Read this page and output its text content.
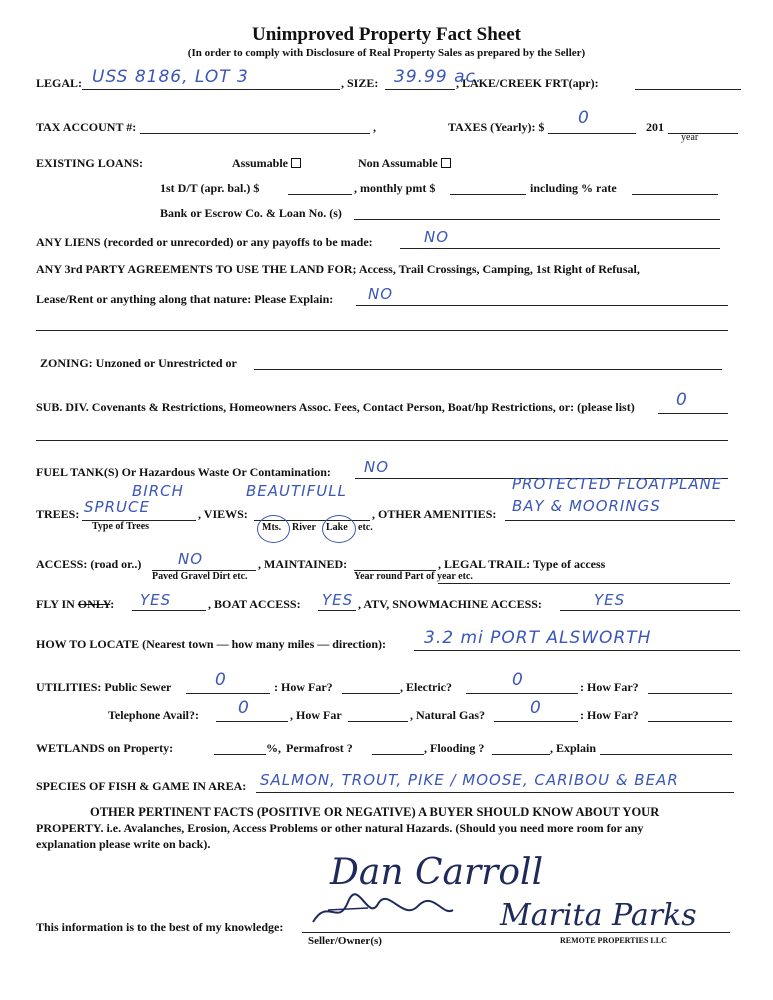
Unimproved Property Fact Sheet
(In order to comply with Disclosure of Real Property Sales as prepared by the Seller)
LEGAL: USS 8186, LOT 3	, SIZE: 39.99 ac.
, LAKE/CREEK FRT(apr):
TAX ACCOUNT #:	,	TAXES (Yearly): $ 0	201
year
EXISTING LOANS:	Assumable	Non Assumable
1st D/T (apr. bal.) $	, monthly pmt $	including % rate
Bank or Escrow Co. & Loan No. (s)
ANY LIENS (recorded or unrecorded) or any payoffs to be made:	NO
ANY 3rd PARTY AGREEMENTS TO USE THE LAND FOR; Access, Trail Crossings, Camping, 1st Right of Refusal,
Lease/Rent or anything along that nature: Please Explain: NO
ZONING: Unzoned or Unrestricted or
SUB. DIV. Covenants & Restrictions, Homeowners Assoc. Fees, Contact Person, Boat/hp Restrictions, or: (please list) 0
FUEL TANK(S) Or Hazardous Waste Or Contamination: NO
BIRCH	BEAUTIFULL	PROTECTED FLOATPLANE
TREES: SPRUCE
Type of Trees
, VIEWS:
Mts. River Lake etc.
, OTHER AMENITIES: BAY & MOORINGS
ACCESS: (road or..) NO
Paved Gravel Dirt etc.
, MAINTAINED:
Year round Part of year etc.
, LEGAL TRAIL: Type of access
FLY IN ONLY: YES	, BOAT ACCESS: YES , ATV, SNOWMACHINE ACCESS:	YES
HOW TO LOCATE (Nearest town — how many miles — direction): 3.2 mi PORT ALSWORTH
UTILITIES: Public Sewer	0	: How Far?	, Electric?	0	: How Far?
Telephone Avail?: 0	, How Far	, Natural Gas?	0	: How Far?
WETLANDS on Property:	%, Permafrost ?	, Flooding ?	, Explain
SPECIES OF FISH & GAME IN AREA: SALMON, TROUT, PIKE / MOOSE, CARIBOU & BEAR
OTHER PERTINENT FACTS (POSITIVE OR NEGATIVE) A BUYER SHOULD KNOW ABOUT YOUR
PROPERTY. i.e. Avalanches, Erosion, Access Problems or other natural Hazards. (Should you need more room for any
explanation please write on back).
Dan Carroll
Marita Parks
This information is to the best of my knowledge:
Seller/Owner(s)	REMOTE PROPERTIES LLC
